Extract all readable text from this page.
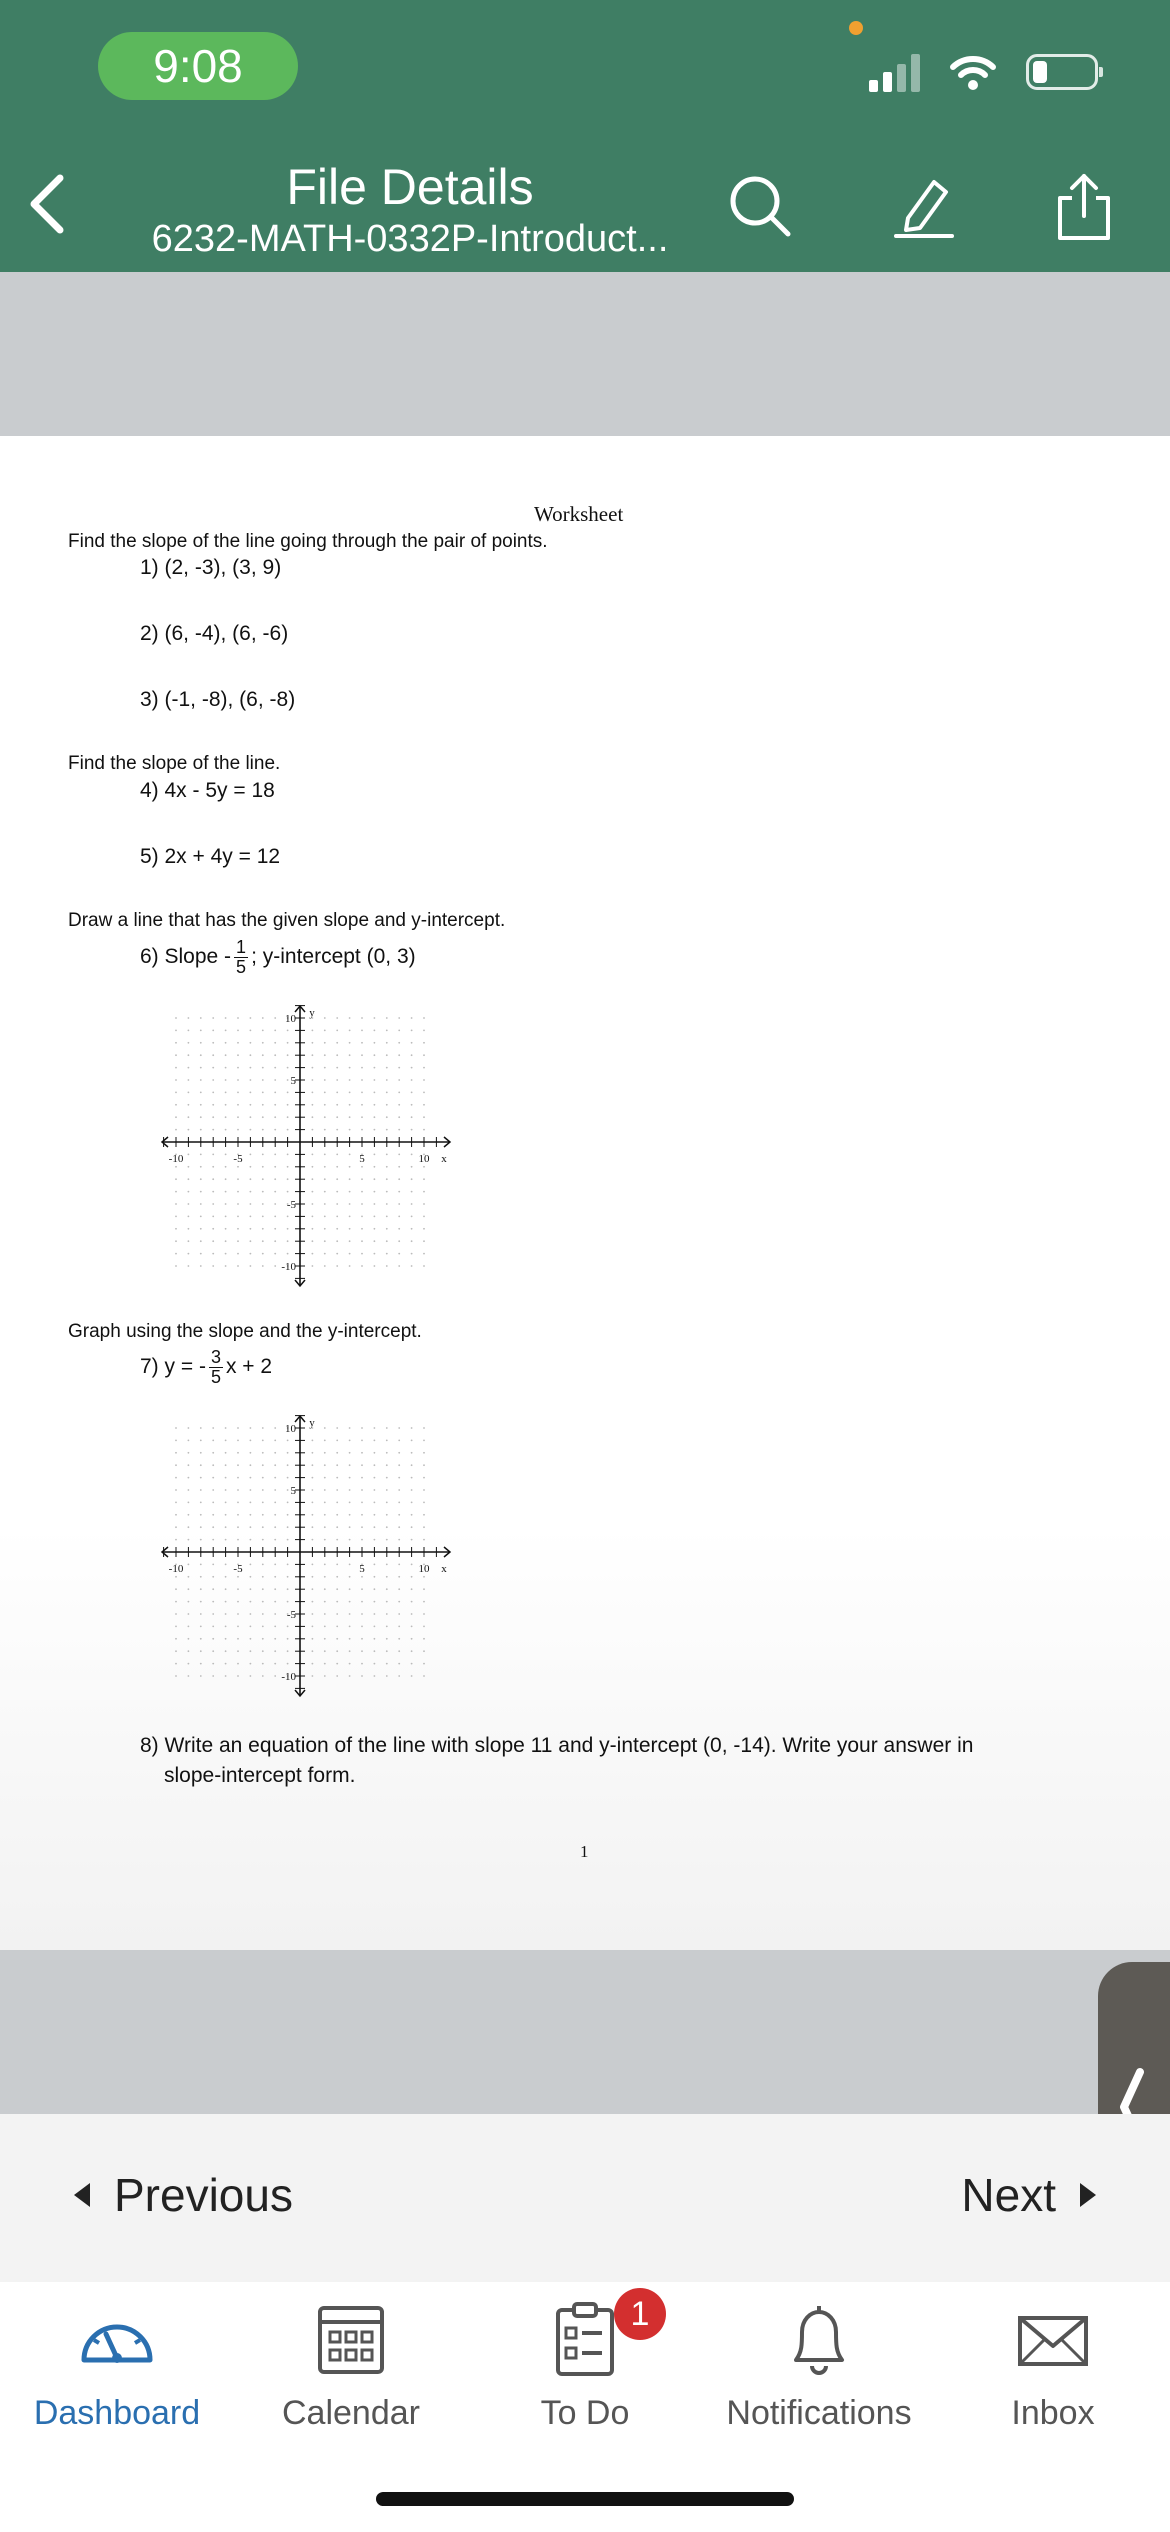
9:08
File Details
6232-MATH-0332P-Introduct...
Worksheet
Find the slope of the line going through the pair of points.
1) (2, -3), (3, 9)
2) (6, -4), (6, -6)
3) (-1, -8), (6, -8)
Find the slope of the line.
4) 4x - 5y = 18
5) 2x + 4y = 12
Draw a line that has the given slope and y-intercept.
6) Slope - $\frac{1}{5}$ ; y-intercept (0, 3)
-10	-5	5	10
10
5
-5
-10
x
y
Graph using the slope and the y-intercept.
7) y = - $\frac{3}{5}$ x + 2
-10	-5	5	10
10
5
-5
-10
x
y
8) Write an equation of the line with slope 11 and y-intercept (0, -14). Write your answer in
slope-intercept form.
1
Previous	Next
Dashboard Calendar	To Do
1
Notifications	Inbox
